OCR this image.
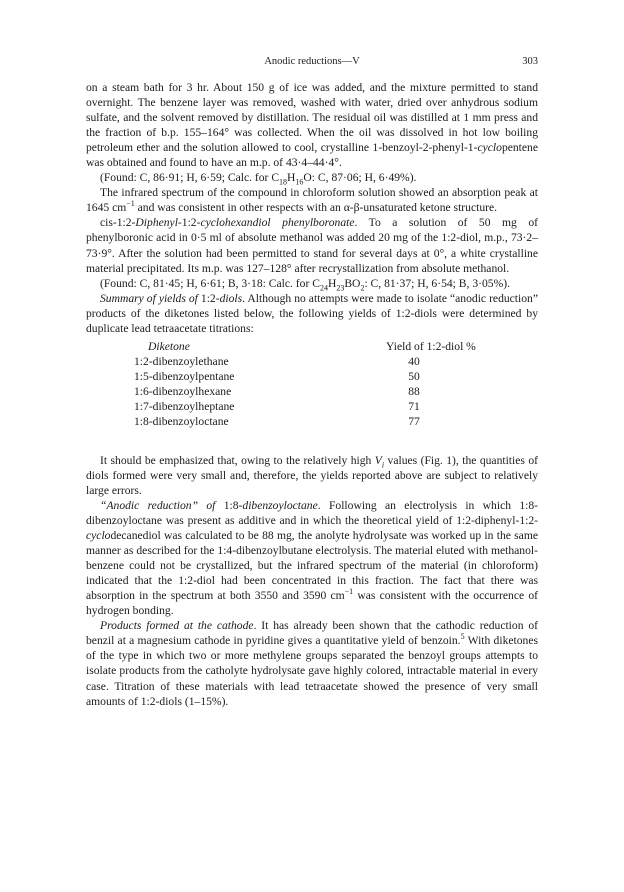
Anodic reductions—V	303

on a steam bath for 3 hr. About 150 g of ice was added, and the mixture permitted to stand overnight. The benzene layer was removed, washed with water, dried over anhydrous sodium sulfate, and the solvent removed by distillation. The residual oil was distilled at 1 mm press and the fraction of b.p. 155–164° was collected. When the oil was dissolved in hot low boiling petroleum ether and the solution allowed to cool, crystalline 1-benzoyl-2-phenyl-1-cyclopentene was obtained and found to have an m.p. of 43·4–44·4°.

(Found: C, 86·91; H, 6·59; Calc. for $C_{18}H_{16}O$: C, 87·06; H, 6·49%).

The infrared spectrum of the compound in chloroform solution showed an absorption peak at 1645 $cm^{-1}$ and was consistent in other respects with an α-β-unsaturated ketone structure.

cis-1:2-Diphenyl-1:2-cyclohexandiol phenylboronate. To a solution of 50 mg of phenylboronic acid in 0·5 ml of absolute methanol was added 20 mg of the 1:2-diol, m.p., 73·2–73·9°. After the solution had been permitted to stand for several days at 0°, a white crystalline material precipitated. Its m.p. was 127–128° after recrystallization from absolute methanol.

(Found: C, 81·45; H, 6·61; B, 3·18: Calc. for $C_{24}H_{23}BO_2$: C, 81·37; H, 6·54; B, 3·05%).

Summary of yields of 1:2-diols. Although no attempts were made to isolate “anodic reduction” products of the diketones listed below, the following yields of 1:2-diols were determined by duplicate lead tetraacetate titrations:

Diketone	Yield of 1:2-diol %
1:2-dibenzoylethane	40
1:5-dibenzoylpentane	50
1:6-dibenzoylhexane	88
1:7-dibenzoylheptane	71
1:8-dibenzoyloctane	77

It should be emphasized that, owing to the relatively high $V_i$ values (Fig. 1), the quantities of diols formed were very small and, therefore, the yields reported above are subject to relatively large errors.

“Anodic reduction” of 1:8-dibenzoyloctane. Following an electrolysis in which 1:8-dibenzoyloctane was present as additive and in which the theoretical yield of 1:2-diphenyl-1:2-cyclodecanediol was calculated to be 88 mg, the anolyte hydrolysate was worked up in the same manner as described for the 1:4-dibenzoylbutane electrolysis. The material eluted with methanol-benzene could not be crystallized, but the infrared spectrum of the material (in chloroform) indicated that the 1:2-diol had been concentrated in this fraction. The fact that there was absorption in the spectrum at both 3550 and 3590 $cm^{-1}$ was consistent with the occurrence of hydrogen bonding.

Products formed at the cathode. It has already been shown that the cathodic reduction of benzil at a magnesium cathode in pyridine gives a quantitative yield of benzoin.$^5$ With diketones of the type in which two or more methylene groups separated the benzoyl groups attempts to isolate products from the catholyte hydrolysate gave highly colored, intractable material in every case. Titration of these materials with lead tetraacetate showed the presence of very small amounts of 1:2-diols (1–15%).
